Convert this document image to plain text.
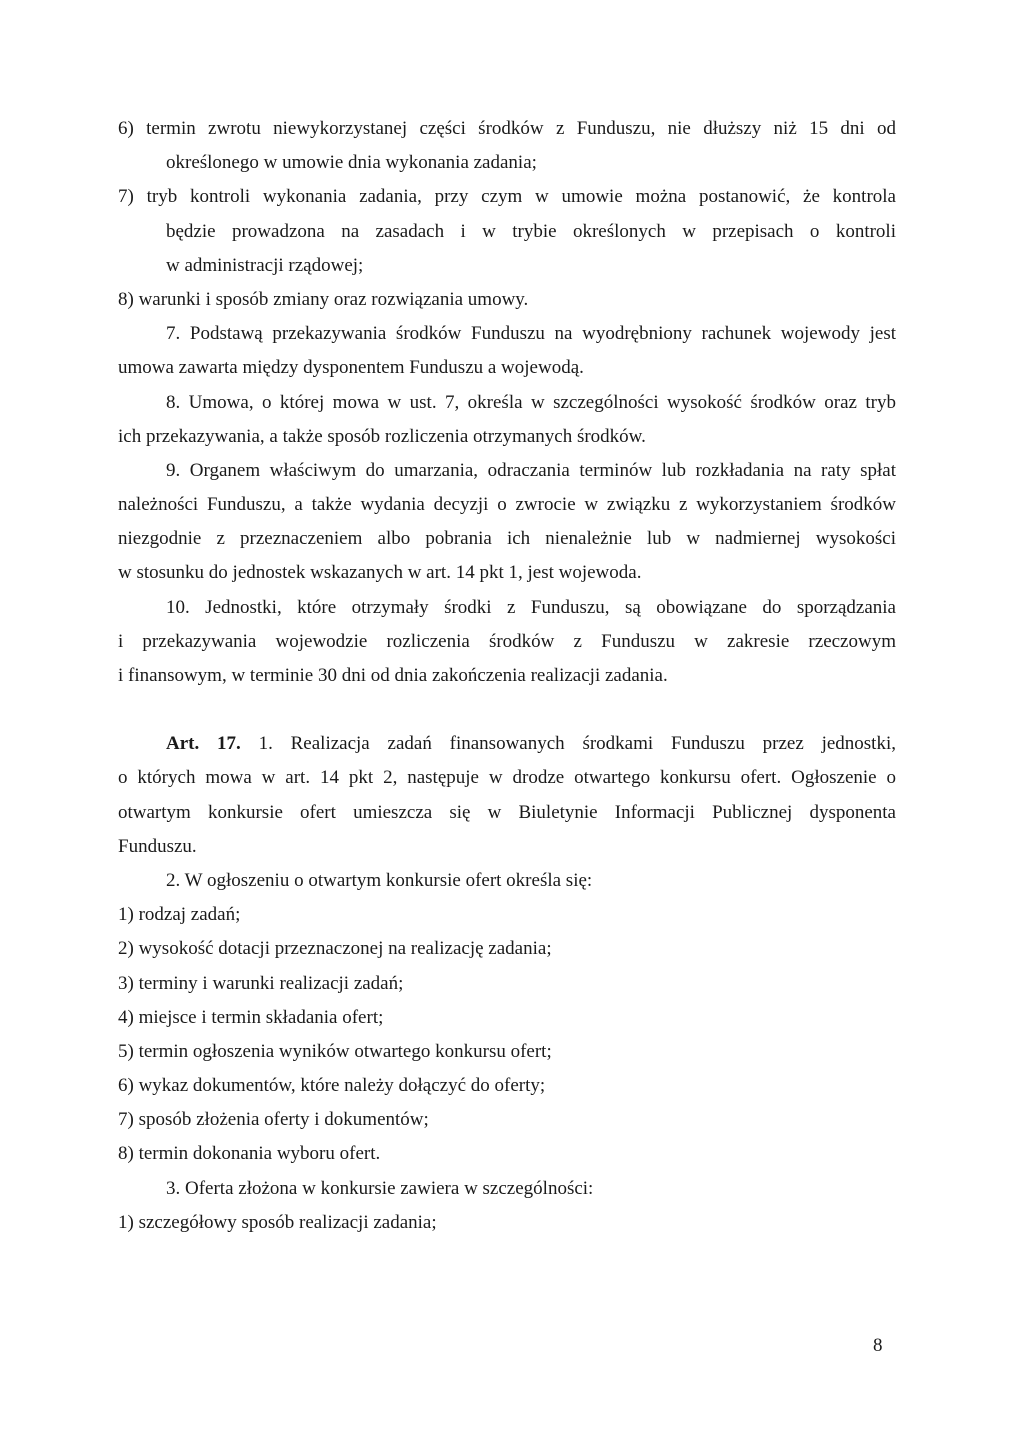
6) termin zwrotu niewykorzystanej części środków z Funduszu, nie dłuższy niż 15 dni od
określonego w umowie dnia wykonania zadania;
7) tryb kontroli wykonania zadania, przy czym w umowie można postanowić, że kontrola
będzie prowadzona na zasadach i w trybie określonych w przepisach o kontroli
w administracji rządowej;
8) warunki i sposób zmiany oraz rozwiązania umowy.
7. Podstawą przekazywania środków Funduszu na wyodrębniony rachunek wojewody jest
umowa zawarta między dysponentem Funduszu a wojewodą.
8. Umowa, o której mowa w ust. 7, określa w szczególności wysokość środków oraz tryb
ich przekazywania, a także sposób rozliczenia otrzymanych środków.
9. Organem właściwym do umarzania, odraczania terminów lub rozkładania na raty spłat
należności Funduszu, a także wydania decyzji o zwrocie w związku z wykorzystaniem środków
niezgodnie z przeznaczeniem albo pobrania ich nienależnie lub w nadmiernej wysokości
w stosunku do jednostek wskazanych w art. 14 pkt 1, jest wojewoda.
10. Jednostki, które otrzymały środki z Funduszu, są obowiązane do sporządzania
i przekazywania wojewodzie rozliczenia środków z Funduszu w zakresie rzeczowym
i finansowym, w terminie 30 dni od dnia zakończenia realizacji zadania.
Art. 17. 1. Realizacja zadań finansowanych środkami Funduszu przez jednostki,
o których mowa w art. 14 pkt 2, następuje w drodze otwartego konkursu ofert. Ogłoszenie o
otwartym konkursie ofert umieszcza się w Biuletynie Informacji Publicznej dysponenta
Funduszu.
2. W ogłoszeniu o otwartym konkursie ofert określa się:
1) rodzaj zadań;
2) wysokość dotacji przeznaczonej na realizację zadania;
3) terminy i warunki realizacji zadań;
4) miejsce i termin składania ofert;
5) termin ogłoszenia wyników otwartego konkursu ofert;
6) wykaz dokumentów, które należy dołączyć do oferty;
7) sposób złożenia oferty i dokumentów;
8) termin dokonania wyboru ofert.
3. Oferta złożona w konkursie zawiera w szczególności:
1) szczegółowy sposób realizacji zadania;
8
